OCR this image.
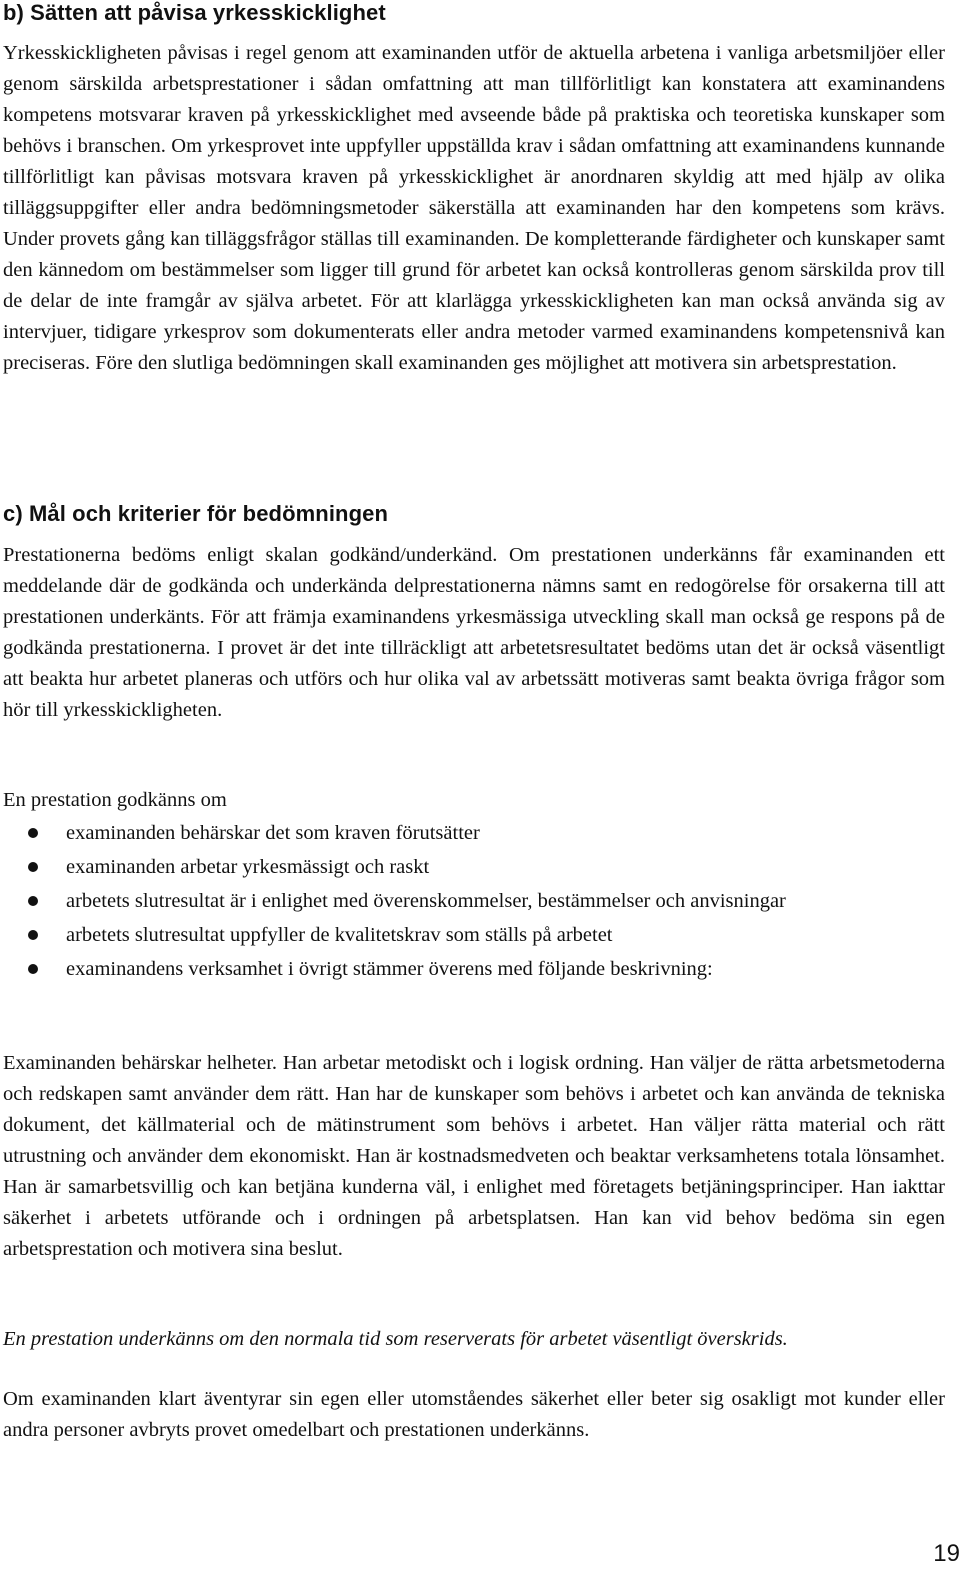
b) Sätten att påvisa yrkesskicklighet

Yrkesskickligheten påvisas i regel genom att examinanden utför de aktuella arbetena i vanliga arbetsmiljöer eller genom särskilda arbetsprestationer i sådan omfattning att man tillförlitligt kan konstatera att examinandens kompetens motsvarar kraven på yrkesskicklighet med avseende både på praktiska och teoretiska kunskaper som behövs i branschen. Om yrkesprovet inte uppfyller uppställda krav i sådan omfattning att examinandens kunnande tillförlitligt kan påvisas motsvara kraven på yrkesskicklighet är anordnaren skyldig att med hjälp av olika tilläggsuppgifter eller andra bedömningsmetoder säkerställa att examinanden har den kompetens som krävs. Under provets gång kan tilläggsfrågor ställas till examinanden. De kompletterande färdigheter och kunskaper samt den kännedom om bestämmelser som ligger till grund för arbetet kan också kontrolleras genom särskilda prov till de delar de inte framgår av själva arbetet. För att klarlägga yrkesskickligheten kan man också använda sig av intervjuer, tidigare yrkesprov som dokumenterats eller andra metoder varmed examinandens kompetensnivå kan preciseras. Före den slutliga bedömningen skall examinanden ges möjlighet att motivera sin arbetsprestation.

c) Mål och kriterier för bedömningen

Prestationerna bedöms enligt skalan godkänd/underkänd. Om prestationen underkänns får examinanden ett meddelande där de godkända och underkända delprestationerna nämns samt en redogörelse för orsakerna till att prestationen underkänts. För att främja examinandens yrkesmässiga utveckling skall man också ge respons på de godkända prestationerna. I provet är det inte tillräckligt att arbetetsresultatet bedöms utan det är också väsentligt att beakta hur arbetet planeras och utförs och hur olika val av arbetssätt motiveras samt beakta övriga frågor som hör till yrkesskickligheten.

En prestation godkänns om

examinanden behärskar det som kraven förutsätter
examinanden arbetar yrkesmässigt och raskt
arbetets slutresultat är i enlighet med överenskommelser, bestämmelser och anvisningar
arbetets slutresultat uppfyller de kvalitetskrav som ställs på arbetet
examinandens verksamhet i övrigt stämmer överens med följande beskrivning:

Examinanden behärskar helheter. Han arbetar metodiskt och i logisk ordning. Han väljer de rätta arbetsmetoderna och redskapen samt använder dem rätt. Han har de kunskaper som behövs i arbetet och kan använda de tekniska dokument, det källmaterial och de mätinstrument som behövs i arbetet. Han väljer rätta material och rätt utrustning och använder dem ekonomiskt. Han är kostnadsmedveten och beaktar verksamhetens totala lönsamhet. Han är samarbetsvillig och kan betjäna kunderna väl, i enlighet med företagets betjäningsprinciper. Han iakttar säkerhet i arbetets utförande och i ordningen på arbetsplatsen. Han kan vid behov bedöma sin egen arbetsprestation och motivera sina beslut.

En prestation underkänns om den normala tid som reserverats för arbetet väsentligt överskrids.

Om examinanden klart äventyrar sin egen eller utomståendes säkerhet eller beter sig osakligt mot kunder eller andra personer avbryts provet omedelbart och prestationen underkänns.

19
